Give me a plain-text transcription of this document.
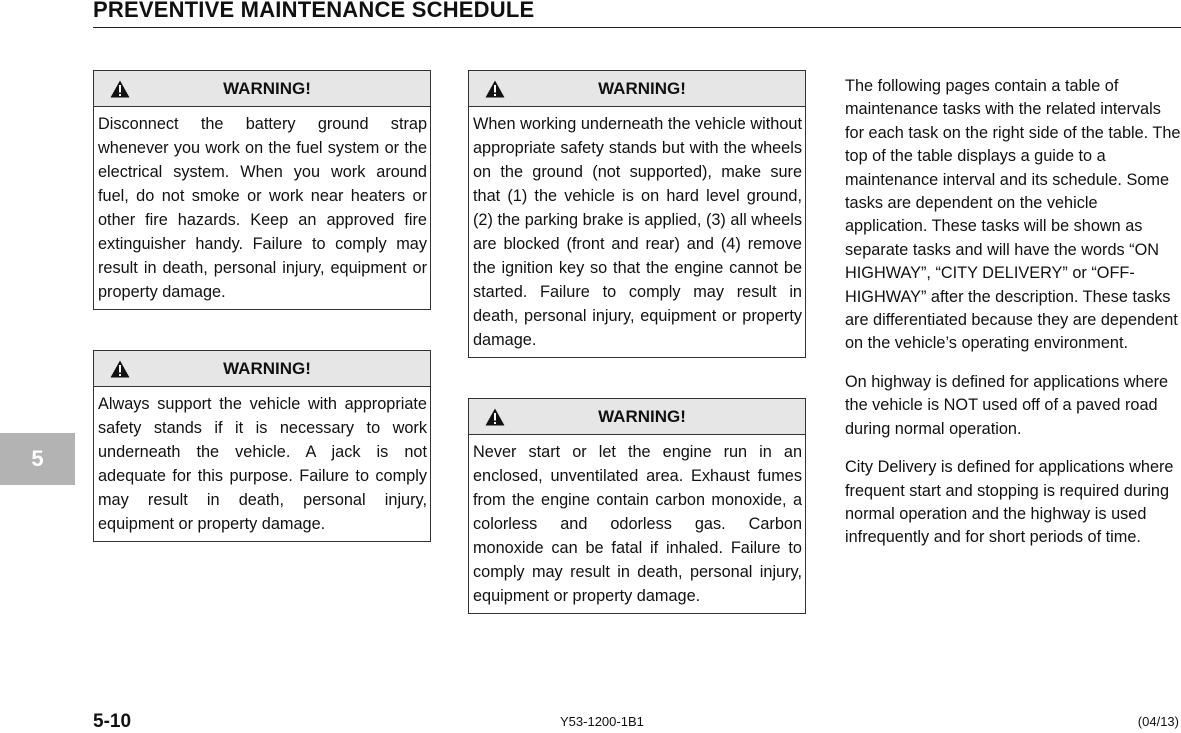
PREVENTIVE MAINTENANCE SCHEDULE
5
WARNING!
Disconnect the battery ground strap whenever you work on the fuel system or the electrical system. When you work around fuel, do not smoke or work near heaters or other fire hazards. Keep an approved fire extinguisher handy. Failure to comply may result in death, personal injury, equipment or property damage.
WARNING!
Always support the vehicle with appropriate safety stands if it is necessary to work underneath the vehicle. A jack is not adequate for this purpose. Failure to comply may result in death, personal injury, equipment or property damage.
WARNING!
When working underneath the vehicle without appropriate safety stands but with the wheels on the ground (not supported), make sure that (1) the vehicle is on hard level ground, (2) the parking brake is applied, (3) all wheels are blocked (front and rear) and (4) remove the ignition key so that the engine cannot be started. Failure to comply may result in death, personal injury, equipment or property damage.
WARNING!
Never start or let the engine run in an enclosed, unventilated area. Exhaust fumes from the engine contain carbon monoxide, a colorless and odorless gas. Carbon monoxide can be fatal if inhaled. Failure to comply may result in death, personal injury, equipment or property damage.

The following pages contain a table of maintenance tasks with the related intervals for each task on the right side of the table. The top of the table displays a guide to a maintenance interval and its schedule. Some tasks are dependent on the vehicle application. These tasks will be shown as separate tasks and will have the words “ON HIGHWAY”, “CITY DELIVERY” or “OFF-HIGHWAY” after the description. These tasks are differentiated because they are dependent on the vehicle’s operating environment.

On highway is defined for applications where the vehicle is NOT used off of a paved road during normal operation.

City Delivery is defined for applications where frequent start and stopping is required during normal operation and the highway is used infrequently and for short periods of time.

5-10	Y53-1200-1B1	(04/13)
